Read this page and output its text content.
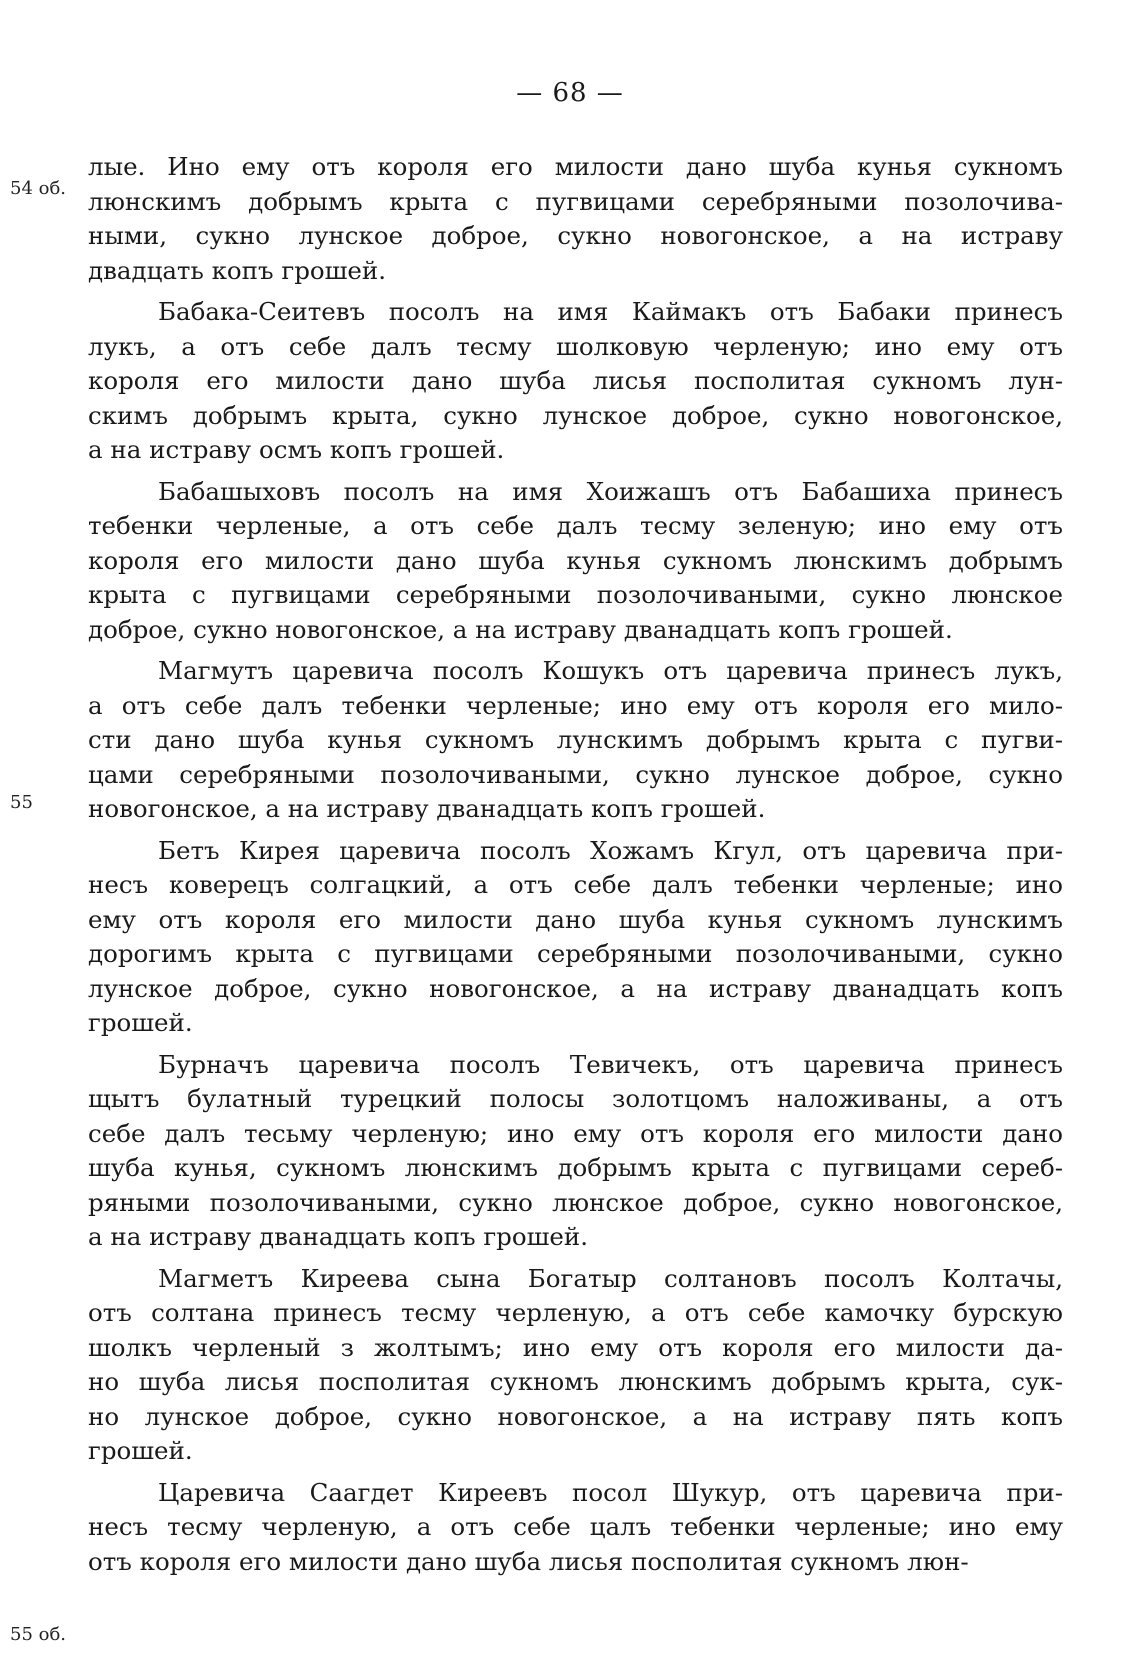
— 68 —
54 об.
55
55 об.
лые. Ино ему отъ короля его милости дано шуба кунья сукномъ
люнскимъ добрымъ крыта с пугвицами серебряными позолочива-
ными, сукно лунское доброе, сукно новогонское, а на истраву
двадцать копъ грошей.
Бабака-Сеитевъ посолъ на имя Каймакъ отъ Бабаки принесъ
лукъ, а отъ себе далъ тесму шолковую черленую; ино ему отъ
короля его милости дано шуба лисья посполитая сукномъ лун-
скимъ добрымъ крыта, сукно лунское доброе, сукно новогонское,
а на истраву осмъ копъ грошей.
Бабашыховъ посолъ на имя Хоижашъ отъ Бабашиха принесъ
тебенки черленые, а отъ себе далъ тесму зеленую; ино ему отъ
короля его милости дано шуба кунья сукномъ люнскимъ добрымъ
крыта с пугвицами серебряными позолочиваными, сукно люнское
доброе, сукно новогонское, а на истраву дванадцать копъ грошей.
Магмутъ царевича посолъ Кошукъ отъ царевича принесъ лукъ,
а отъ себе далъ тебенки черленые; ино ему отъ короля его мило-
сти дано шуба кунья сукномъ лунскимъ добрымъ крыта с пугви-
цами серебряными позолочиваными, сукно лунское доброе, сукно
новогонское, а на истраву дванадцать копъ грошей.
Бетъ Кирея царевича посолъ Хожамъ Кгул, отъ царевича при-
несъ коверецъ солгацкий, а отъ себе далъ тебенки черленые; ино
ему отъ короля его милости дано шуба кунья сукномъ лунскимъ
дорогимъ крыта с пугвицами серебряными позолочиваными, сукно
лунское доброе, сукно новогонское, а на истраву дванадцать копъ
грошей.
Бурначъ царевича посолъ Тевичекъ, отъ царевича принесъ
щытъ булатный турецкий полосы золотцомъ наложиваны, а отъ
себе далъ тесьму черленую; ино ему отъ короля его милости дано
шуба кунья, сукномъ люнскимъ добрымъ крыта с пугвицами сереб-
ряными позолочиваными, сукно люнское доброе, сукно новогонское,
а на истраву дванадцать копъ грошей.
Магметъ Киреева сына Богатыр солтановъ посолъ Колтачы,
отъ солтана принесъ тесму черленую, а отъ себе камочку бурскую
шолкъ черленый з жолтымъ; ино ему отъ короля его милости да-
но шуба лисья посполитая сукномъ люнскимъ добрымъ крыта, сук-
но лунское доброе, сукно новогонское, а на истраву пять копъ
грошей.
Царевича Саагдет Киреевъ посол Шукур, отъ царевича при-
несъ тесму черленую, а отъ себе цалъ тебенки черленые; ино ему
отъ короля его милости дано шуба лисья посполитая сукномъ люн-
